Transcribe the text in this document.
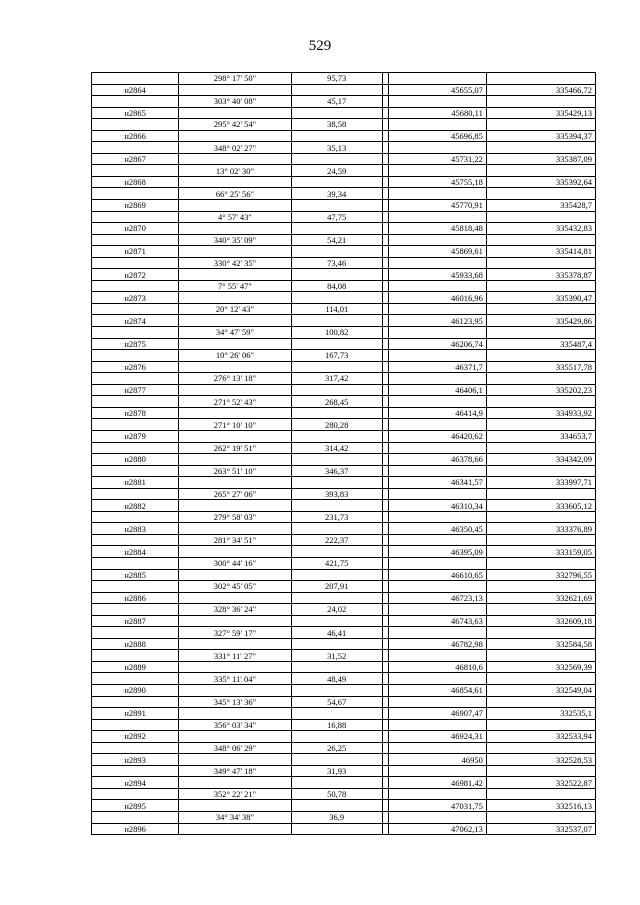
529
	298° 17' 50"	95,73			
н2864				45655,07	335466,72
	303° 40' 08"	45,17			
н2865				45680,11	335429,13
	295° 42' 54"	38,58			
н2866				45696,85	335394,37
	348° 02' 27"	35,13			
н2867				45731,22	335387,09
	13° 02' 30"	24,59			
н2868				45755,18	335392,64
	66° 25' 56"	39,34			
н2869				45770,91	335428,7
	4° 57' 43"	47,75			
н2870				45818,48	335432,83
	340° 35' 09"	54,21			
н2871				45869,61	335414,81
	330° 42' 35"	73,46			
н2872				45933,68	335378,87
	7° 55' 47"	84,08			
н2873				46016,96	335390,47
	20° 12' 43"	114,01			
н2874				46123,95	335429,86
	34° 47' 59"	100,82			
н2875				46206,74	335487,4
	10° 26' 06"	167,73			
н2876				46371,7	335517,78
	276° 13' 18"	317,42			
н2877				46406,1	335202,23
	271° 52' 43"	268,45			
н2878				46414,9	334933,92
	271° 10' 10"	280,28			
н2879				46420,62	334653,7
	262° 19' 51"	314,42			
н2880				46378,66	334342,09
	263° 51' 10"	346,37			
н2881				46341,57	333997,71
	265° 27' 06"	393,83			
н2882				46310,34	333605,12
	279° 58' 03"	231,73			
н2883				46350,45	333376,89
	281° 34' 51"	222,37			
н2884				46395,09	333159,05
	300° 44' 16"	421,75			
н2885				46610,65	332796,55
	302° 45' 05"	207,91			
н2886				46723,13	332621,69
	328° 36' 24"	24,02			
н2887				46743,63	332609,18
	327° 59' 17"	46,41			
н2888				46782,98	332584,58
	331° 11' 27"	31,52			
н2889				46810,6	332569,39
	335° 11' 04"	48,49			
н2890				46854,61	332549,04
	345° 13' 36"	54,67			
н2891				46907,47	332535,1
	356° 03' 34"	16,88			
н2892				46924,31	332533,94
	348° 06' 29"	26,25			
н2893				46950	332528,53
	349° 47' 18"	31,93			
н2894				46981,42	332522,87
	352° 22' 21"	50,78			
н2895				47031,75	332516,13
	34° 34' 38"	36,9			
н2896				47062,13	332537,07
